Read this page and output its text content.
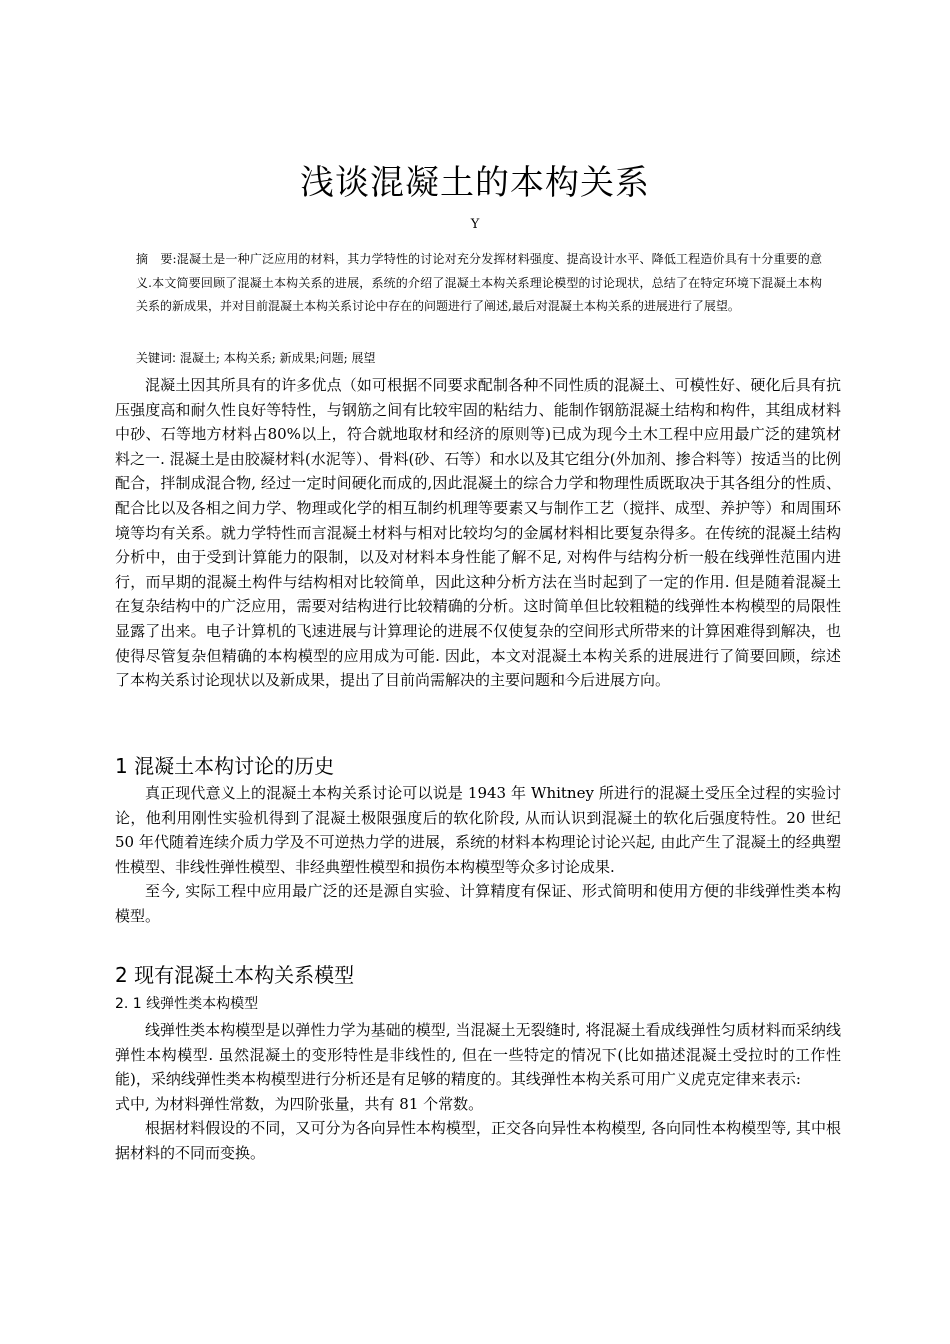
浅谈混凝土的本构关系
Y
摘　要:混凝土是一种广泛应用的材料，其力学特性的讨论对充分发挥材料强度、提高设计水平、降低工程造价具有十分重要的意义.本文简要回顾了混凝土本构关系的进展，系统的介绍了混凝土本构关系理论模型的讨论现状，总结了在特定环境下混凝土本构关系的新成果，并对目前混凝土本构关系讨论中存在的问题进行了阐述,最后对混凝土本构关系的进展进行了展望。
关键词: 混凝土; 本构关系; 新成果;问题; 展望

混凝土因其所具有的许多优点（如可根据不同要求配制各种不同性质的混凝土、可模性好、硬化后具有抗压强度高和耐久性良好等特性，与钢筋之间有比较牢固的粘结力、能制作钢筋混凝土结构和构件，其组成材料中砂、石等地方材料占80%以上，符合就地取材和经济的原则等)已成为现今土木工程中应用最广泛的建筑材料之一. 混凝土是由胶凝材料(水泥等）、骨料(砂、石等）和水以及其它组分(外加剂、掺合料等）按适当的比例配合，拌制成混合物, 经过一定时间硬化而成的,因此混凝土的综合力学和物理性质既取决于其各组分的性质、配合比以及各相之间力学、物理或化学的相互制约机理等要素又与制作工艺（搅拌、成型、养护等）和周围环境等均有关系。就力学特性而言混凝土材料与相对比较均匀的金属材料相比要复杂得多。在传统的混凝土结构分析中，由于受到计算能力的限制，以及对材料本身性能了解不足, 对构件与结构分析一般在线弹性范围内进行，而早期的混凝土构件与结构相对比较简单，因此这种分析方法在当时起到了一定的作用. 但是随着混凝土在复杂结构中的广泛应用，需要对结构进行比较精确的分析。这时简单但比较粗糙的线弹性本构模型的局限性显露了出来。电子计算机的飞速进展与计算理论的进展不仅使复杂的空间形式所带来的计算困难得到解决，也使得尽管复杂但精确的本构模型的应用成为可能. 因此，本文对混凝土本构关系的进展进行了简要回顾，综述了本构关系讨论现状以及新成果，提出了目前尚需解决的主要问题和今后进展方向。

1 混凝土本构讨论的历史

真正现代意义上的混凝土本构关系讨论可以说是 1943 年 Whitney 所进行的混凝土受压全过程的实验讨论，他利用刚性实验机得到了混凝土极限强度后的软化阶段, 从而认识到混凝土的软化后强度特性。20 世纪 50 年代随着连续介质力学及不可逆热力学的进展，系统的材料本构理论讨论兴起, 由此产生了混凝土的经典塑性模型、非线性弹性模型、非经典塑性模型和损伤本构模型等众多讨论成果.

至今, 实际工程中应用最广泛的还是源自实验、计算精度有保证、形式简明和使用方便的非线弹性类本构模型。

2 现有混凝土本构关系模型
2. 1 线弹性类本构模型

线弹性类本构模型是以弹性力学为基础的模型, 当混凝土无裂缝时, 将混凝土看成线弹性匀质材料而采纳线弹性本构模型. 虽然混凝土的变形特性是非线性的, 但在一些特定的情况下(比如描述混凝土受拉时的工作性能)，采纳线弹性类本构模型进行分析还是有足够的精度的。其线弹性本构关系可用广义虎克定律来表示:

式中, 为材料弹性常数，为四阶张量，共有 81 个常数。

根据材料假设的不同，又可分为各向异性本构模型，正交各向异性本构模型, 各向同性本构模型等, 其中根据材料的不同而变换。
